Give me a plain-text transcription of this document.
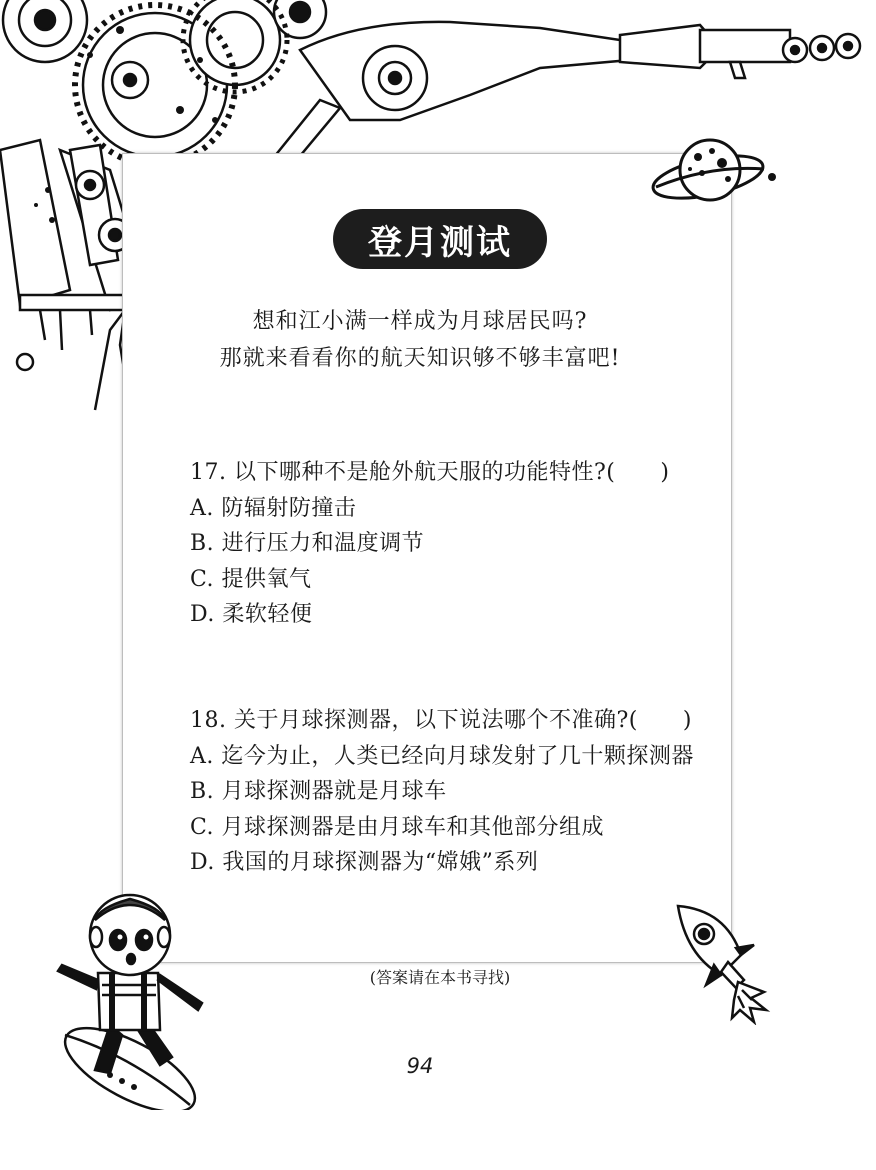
登月测试
想和江小满一样成为月球居民吗?
那就来看看你的航天知识够不够丰富吧!
17. 以下哪种不是舱外航天服的功能特性?(　　)
A. 防辐射防撞击
B. 进行压力和温度调节
C. 提供氧气
D. 柔软轻便
18. 关于月球探测器，以下说法哪个不准确?(　　)
A. 迄今为止，人类已经向月球发射了几十颗探测器
B. 月球探测器就是月球车
C. 月球探测器是由月球车和其他部分组成
D. 我国的月球探测器为“嫦娥”系列
(答案请在本书寻找)
94
